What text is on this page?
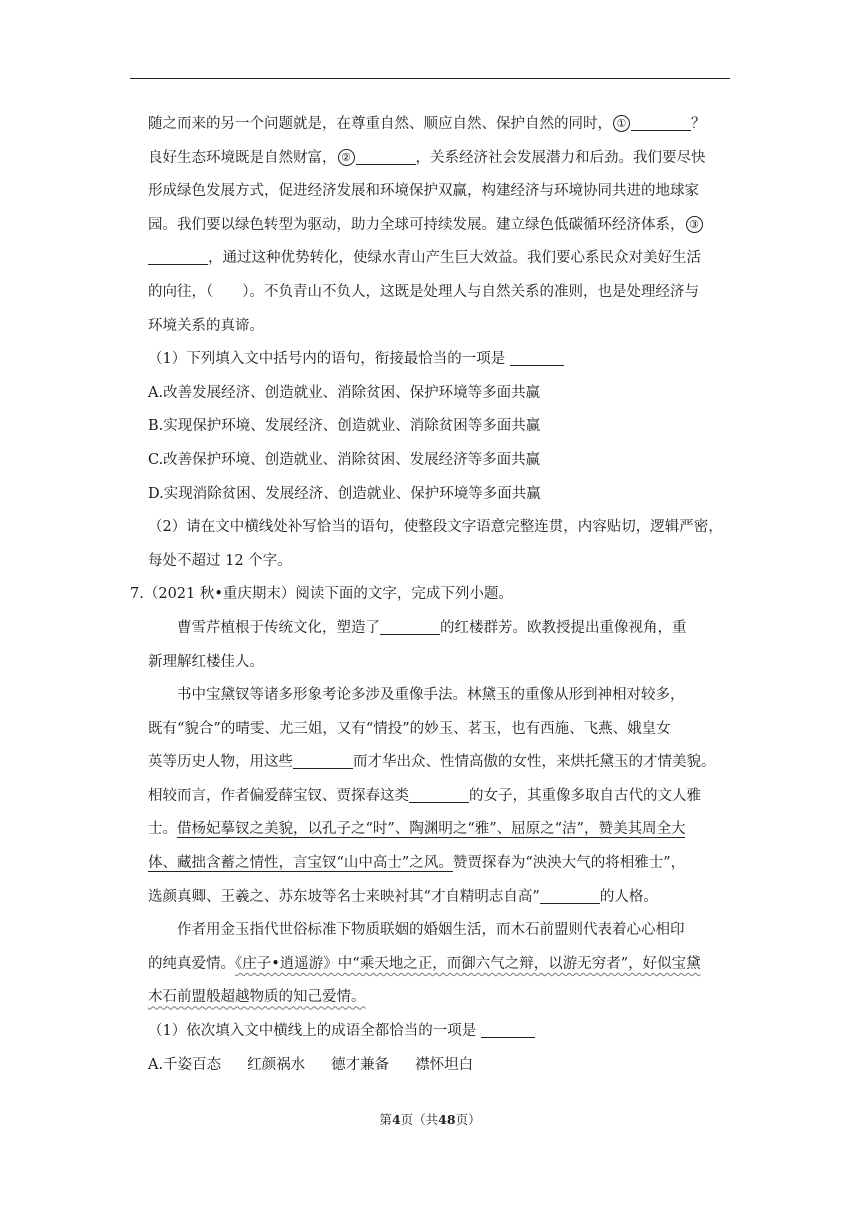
随之而来的另一个问题就是，在尊重自然、顺应自然、保护自然的同时， ①	？
良好生态环境既是自然财富， ②	，关系经济社会发展潜力和后劲。我们要尽快
形成绿色发展方式，促进经济发展和环境保护双赢，构建经济与环境协同共进的地球家
园。我们要以绿色转型为驱动，助力全球可持续发展。建立绿色低碳循环经济体系， ③
，通过这种优势转化，使绿水青山产生巨大效益。我们要心系民众对美好生活
的向往，（　　）。不负青山不负人，这既是处理人与自然关系的准则，也是处理经济与
环境关系的真谛。
（1）下列填入文中括号内的语句，衔接最恰当的一项是
A.改善发展经济、创造就业、消除贫困、保护环境等多面共赢
B.实现保护环境、发展经济、创造就业、消除贫困等多面共赢
C.改善保护环境、创造就业、消除贫困、发展经济等多面共赢
D.实现消除贫困、发展经济、创造就业、保护环境等多面共赢
（2）请在文中横线处补写恰当的语句，使整段文字语意完整连贯，内容贴切，逻辑严密，
每处不超过 12 个字。
7.（2021 秋•重庆期末）阅读下面的文字，完成下列小题。
曹雪芹植根于传统文化，塑造了	的红楼群芳。欧教授提出重像视角，重
新理解红楼佳人。
书中宝黛钗等诸多形象考论多涉及重像手法。林黛玉的重像从形到神相对较多，
既有“貌合”的晴雯、尤三姐，又有“情投”的妙玉、茗玉，也有西施、飞燕、娥皇女
英等历史人物，用这些	而才华出众、性情高傲的女性，来烘托黛玉的才情美貌。
相较而言，作者偏爱薛宝钗、贾探春这类	的女子，其重像多取自古代的文人雅
士。借杨妃摹钗之美貌，以孔子之“时”、陶渊明之“雅”、屈原之“洁”，赞美其周全大
体、藏拙含蓄之情性，言宝钗“山中高士”之风。赞贾探春为“泱泱大气的将相雅士”，
选颜真卿、王羲之、苏东坡等名士来映衬其“才自精明志自高”	的人格。
作者用金玉指代世俗标准下物质联姻的婚姻生活，而木石前盟则代表着心心相印
的纯真爱情。《庄子•逍遥游》中“乘天地之正，而御六气之辩，以游无穷者”，好似宝黛
木石前盟般超越物质的知己爱情。
（1）依次填入文中横线上的成语全都恰当的一项是
A.千姿百态 红颜祸水 德才兼备 襟怀坦白
第4页（共48页）
